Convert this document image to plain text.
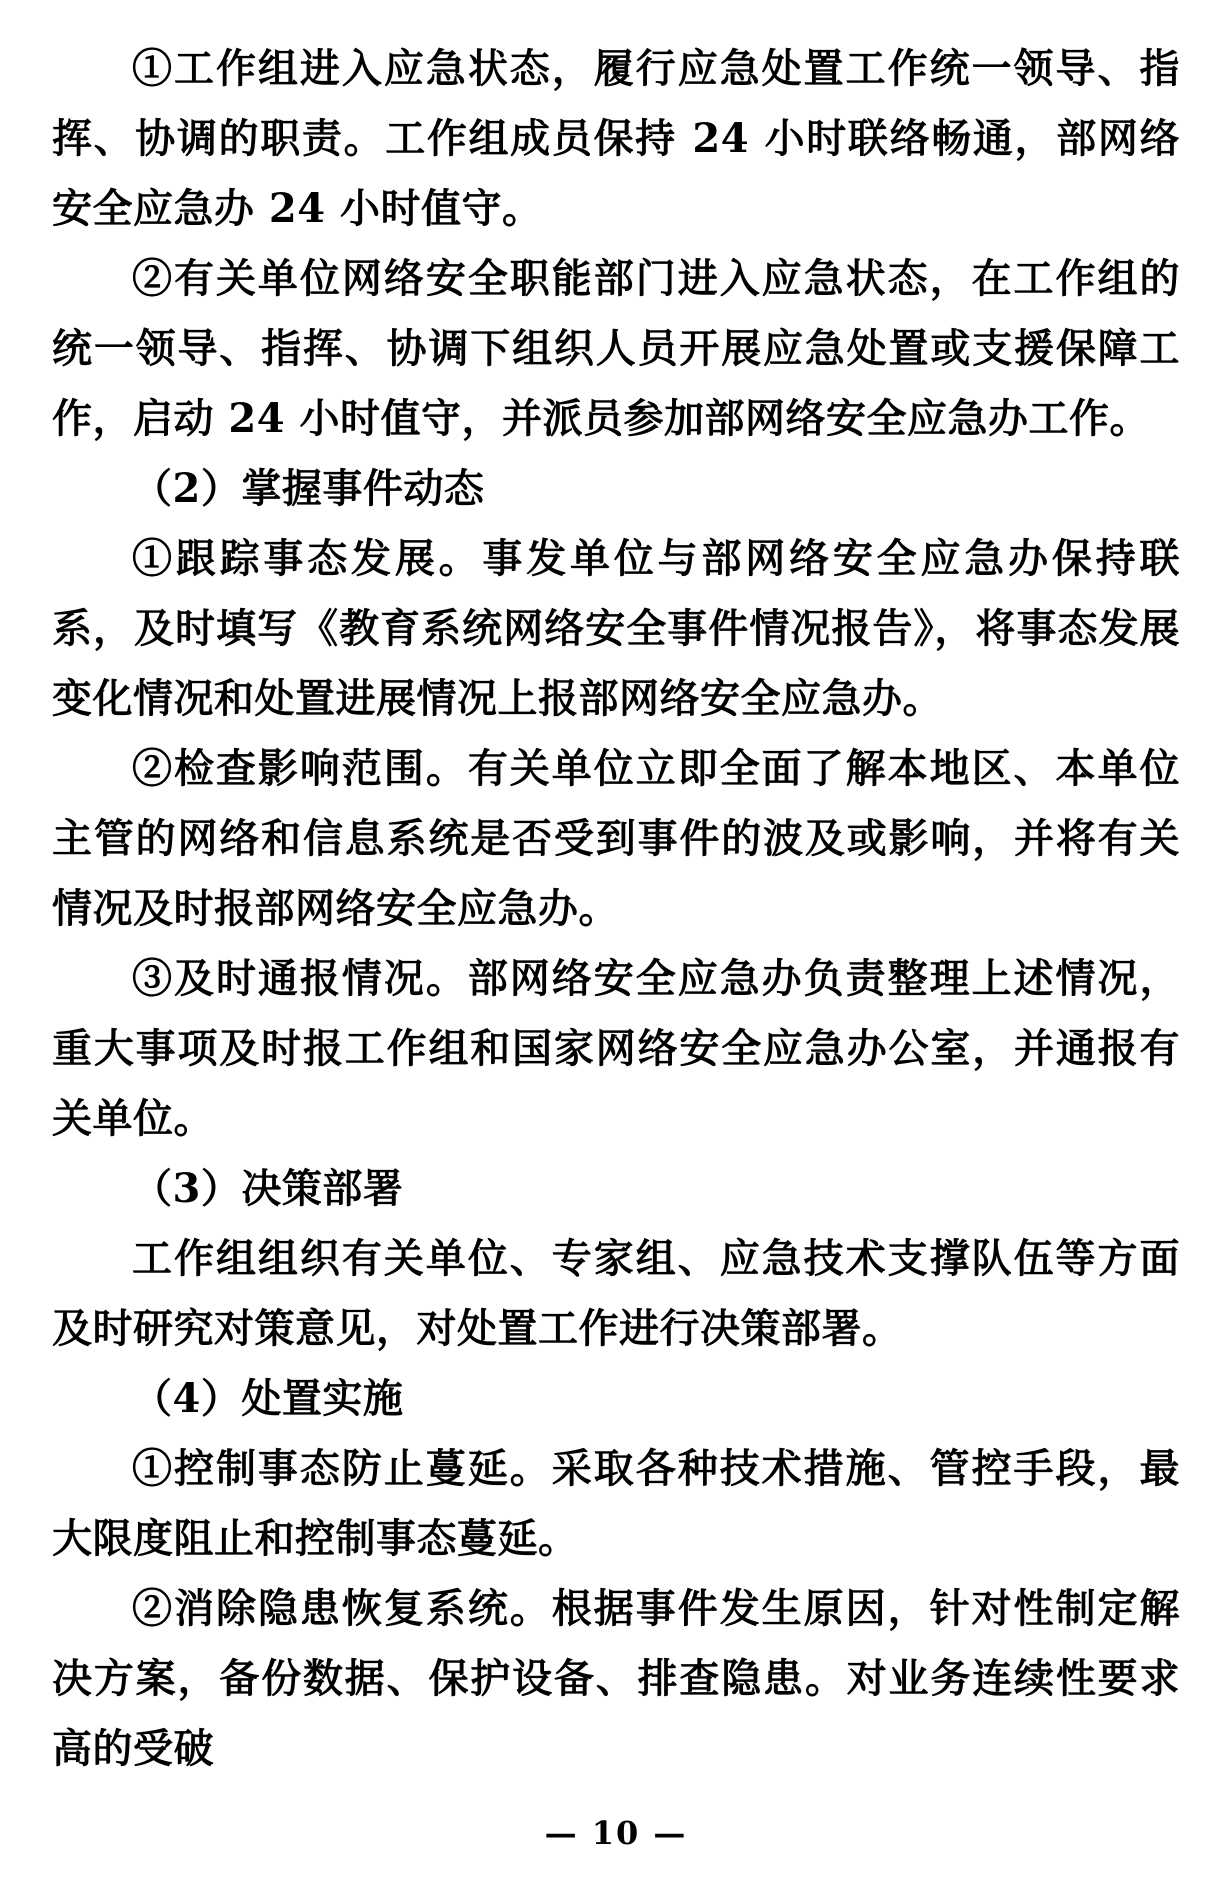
①工作组进入应急状态，履行应急处置工作统一领导、指挥、协调的职责。工作组成员保持 24 小时联络畅通，部网络安全应急办 24 小时值守。

②有关单位网络安全职能部门进入应急状态，在工作组的统一领导、指挥、协调下组织人员开展应急处置或支援保障工作，启动 24 小时值守，并派员参加部网络安全应急办工作。

（2）掌握事件动态

①跟踪事态发展。事发单位与部网络安全应急办保持联系，及时填写《教育系统网络安全事件情况报告》，将事态发展变化情况和处置进展情况上报部网络安全应急办。

②检查影响范围。有关单位立即全面了解本地区、本单位主管的网络和信息系统是否受到事件的波及或影响，并将有关情况及时报部网络安全应急办。

③及时通报情况。部网络安全应急办负责整理上述情况，重大事项及时报工作组和国家网络安全应急办公室，并通报有关单位。

（3）决策部署

工作组组织有关单位、专家组、应急技术支撑队伍等方面及时研究对策意见，对处置工作进行决策部署。

（4）处置实施

①控制事态防止蔓延。采取各种技术措施、管控手段，最大限度阻止和控制事态蔓延。

②消除隐患恢复系统。根据事件发生原因，针对性制定解决方案，备份数据、保护设备、排查隐患。对业务连续性要求高的受破

— 10 —
